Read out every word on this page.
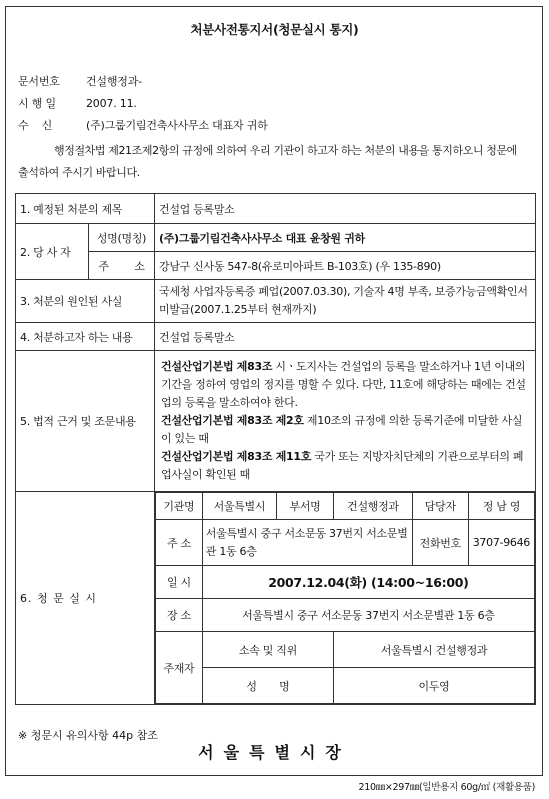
처분사전통지서(청문실시 통지)
문서번호 건설행정과-
시 행 일	2007. 11.
수    신	(주)그룹기림건축사사무소 대표자 귀하
행정절차법 제21조제2항의 규정에 의하여 우리 기관이 하고자 하는 처분의 내용을 통지하오니 청문에 출석하여 주시기 바랍니다.
1. 예정된 처분의 제목	건설업 등록말소
2. 당 사 자	성명(명칭)	(주)그룹기림건축사사무소 대표 윤창원 귀하
주        소	강남구 신사동 547-8(유로미아파트 B-103호) (우 135-890)
3. 처분의 원인된 사실	국세청 사업자등록증 폐업(2007.03.30), 기술자 4명 부족, 보증가능금액확인서 미발급(2007.1.25부터 현재까지)
4. 처분하고자 하는 내용	건설업 등록말소
5. 법적 근거 및 조문내용	

건설산업기본법 제83조 시ㆍ도지사는 건설업의 등록을 말소하거나 1년 이내의 기간을 정하여 영업의 정지를 명할 수 있다. 다만, 11호에 해당하는 때에는 건설업의 등록을 말소하여야 한다.

건설산업기본법 제83조 제2호 제10조의 규정에 의한 등록기준에 미달한 사실이 있는 때

건설산업기본법 제83조 제11호 국가 또는 지방자치단체의 기관으로부터의 폐업사실이 확인된 때

6. 청 문 실 시	
기관명	서울특별시	부서명	건설행정과	담당자	정 남 영
주 소	서울특별시 중구 서소문동 37번지 서소문별관 1동 6층	전화번호	3707-9646
일 시	2007.12.04(화) (14:00~16:00)
장 소	서울특별시 중구 서소문동 37번지 서소문별관 1동 6층
주재자	소속 및 직위	서울특별시 건설행정과
성       명	이두영
※ 청문시 유의사항 44p 참조
서울특별시장
210㎜×297㎜(일반용지 60g/㎡ (재활용품)
